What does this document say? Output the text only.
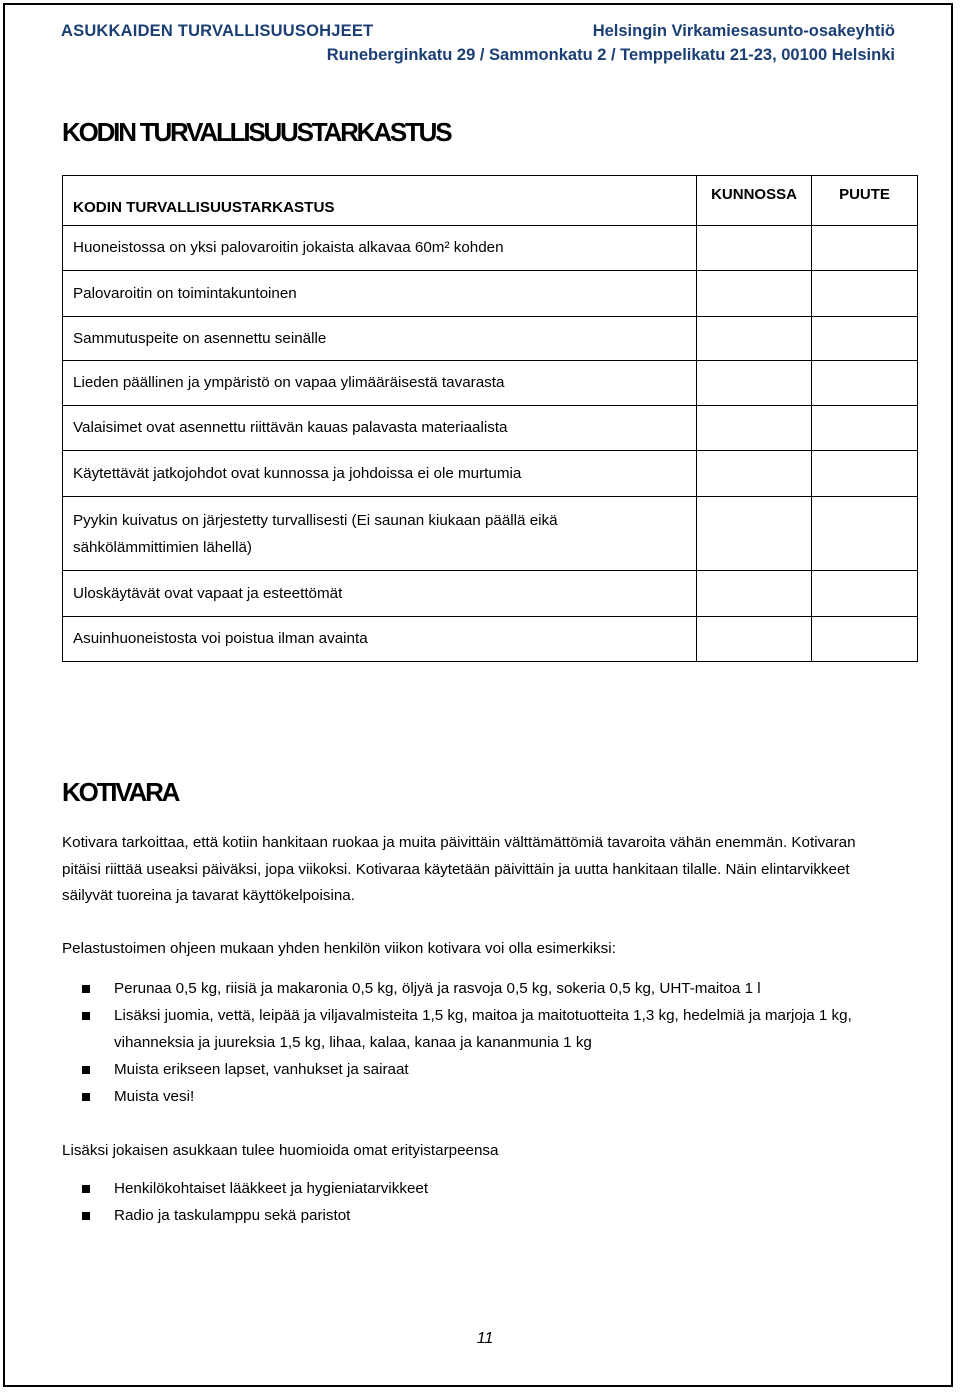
ASUKKAIDEN TURVALLISUUSOHJEET	Helsingin Virkamiesasunto-osakeyhtiö
Runeberginkatu 29 / Sammonkatu 2 / Temppelikatu 21-23, 00100 Helsinki
KODIN TURVALLISUUSTARKASTUS
KODIN TURVALLISUUSTARKASTUS	KUNNOSSA	PUUTE

Huoneistossa on yksi palovaroitin jokaista alkavaa 60m² kohden		
Palovaroitin on toimintakuntoinen		
Sammutuspeite on asennettu seinälle		
Lieden päällinen ja ympäristö on vapaa ylimääräisestä tavarasta		
Valaisimet ovat asennettu riittävän kauas palavasta materiaalista		
Käytettävät jatkojohdot ovat kunnossa ja johdoissa ei ole murtumia		
Pyykin kuivatus on järjestetty turvallisesti (Ei saunan kiukaan päällä eikä sähkölämmittimien lähellä)		
Uloskäytävät ovat vapaat ja esteettömät		
Asuinhuoneistosta voi poistua ilman avainta		
KOTIVARA
Kotivara tarkoittaa, että kotiin hankitaan ruokaa ja muita päivittäin välttämättömiä tavaroita vähän enemmän. Kotivaran pitäisi riittää useaksi päiväksi, jopa viikoksi. Kotivaraa käytetään päivittäin ja uutta hankitaan tilalle. Näin elintarvikkeet säilyvät tuoreina ja tavarat käyttökelpoisina.
Pelastustoimen ohjeen mukaan yhden henkilön viikon kotivara voi olla esimerkiksi:
Perunaa 0,5 kg, riisiä ja makaronia 0,5 kg, öljyä ja rasvoja 0,5 kg, sokeria 0,5 kg, UHT-maitoa 1 l
Lisäksi juomia, vettä, leipää ja viljavalmisteita 1,5 kg, maitoa ja maitotuotteita 1,3 kg, hedelmiä ja marjoja 1 kg, vihanneksia ja juureksia 1,5 kg, lihaa, kalaa, kanaa ja kananmunia 1 kg
Muista erikseen lapset, vanhukset ja sairaat
Muista vesi!
Lisäksi jokaisen asukkaan tulee huomioida omat erityistarpeensa
Henkilökohtaiset lääkkeet ja hygieniatarvikkeet
Radio ja taskulamppu sekä paristot
11
